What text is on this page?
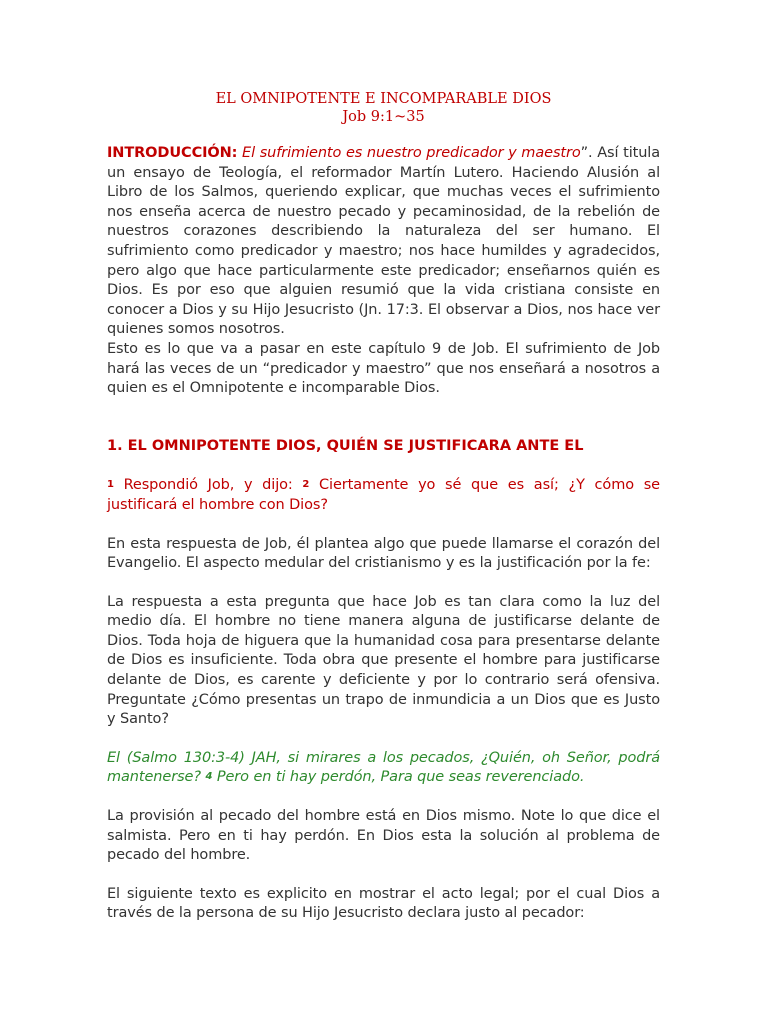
EL OMNIPOTENTE E INCOMPARABLE DIOS
Job 9:1~35

INTRODUCCIÓN: El sufrimiento es nuestro predicador y maestro”. Así titula un ensayo de Teología, el reformador Martín Lutero. Haciendo Alusión al Libro de los Salmos, queriendo explicar, que muchas veces el sufrimiento nos enseña acerca de nuestro pecado y pecaminosidad, de la rebelión de nuestros corazones describiendo la naturaleza del ser humano. El sufrimiento como predicador y maestro; nos hace humildes y agradecidos, pero algo que hace particularmente este predicador; enseñarnos quién es Dios. Es por eso que alguien resumió que la vida cristiana consiste en conocer a Dios y su Hijo Jesucristo (Jn. 17:3. El observar a Dios, nos hace ver quienes somos nosotros.

Esto es lo que va a pasar en este capítulo 9 de Job. El sufrimiento de Job hará las veces de un “predicador y maestro” que nos enseñará a nosotros a quien es el Omnipotente e incomparable Dios.

1. EL OMNIPOTENTE DIOS, QUIÉN SE JUSTIFICARA ANTE EL

$^1$ Respondió Job, y dijo: $^2$ Ciertamente yo sé que es así; ¿Y cómo se justificará el hombre con Dios?

En esta respuesta de Job, él plantea algo que puede llamarse el corazón del Evangelio. El aspecto medular del cristianismo y es la justificación por la fe:

La respuesta a esta pregunta que hace Job es tan clara como la luz del medio día. El hombre no tiene manera alguna de justificarse delante de Dios. Toda hoja de higuera que la humanidad cosa para presentarse delante de Dios es insuficiente. Toda obra que presente el hombre para justificarse delante de Dios, es carente y deficiente y por lo contrario será ofensiva. Preguntate ¿Cómo presentas un trapo de inmundicia a un Dios que es Justo y Santo?

El (Salmo 130:3-4) JAH, si mirares a los pecados, ¿Quién, oh Señor, podrá mantenerse? $^4$ Pero en ti hay perdón, Para que seas reverenciado.

La provisión al pecado del hombre está en Dios mismo. Note lo que dice el salmista. Pero en ti hay perdón. En Dios esta la solución al problema de pecado del hombre.

El siguiente texto es explicito en mostrar el acto legal; por el cual Dios a través de la persona de su Hijo Jesucristo declara justo al pecador:
